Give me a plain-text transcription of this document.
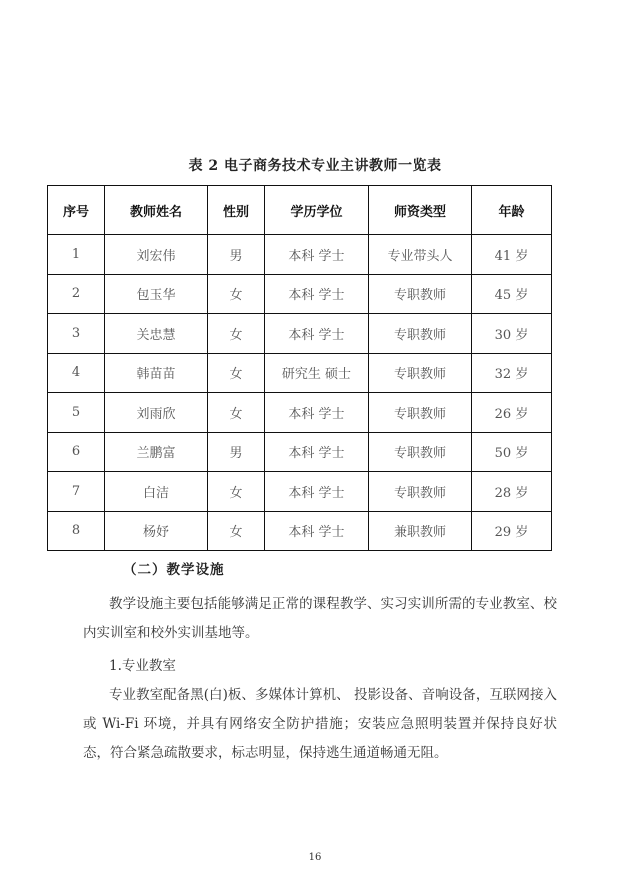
表 2 电子商务技术专业主讲教师一览表
序号	教师姓名	性别	学历学位	师资类型	年龄
1	刘宏伟	男	本科 学士	专业带头人	41 岁
2	包玉华	女	本科 学士	专职教师	45 岁
3	关忠慧	女	本科 学士	专职教师	30 岁
4	韩苗苗	女	研究生 硕士	专职教师	32 岁
5	刘雨欣	女	本科 学士	专职教师	26 岁
6	兰鹏富	男	本科 学士	专职教师	50 岁
7	白洁	女	本科 学士	专职教师	28 岁
8	杨妤	女	本科 学士	兼职教师	29 岁
（二）教学设施
教学设施主要包括能够满足正常的课程教学、实习实训所需的专业教室、校内实训室和校外实训基地等。
1.专业教室
专业教室配备黑(白)板、多媒体计算机、 投影设备、音响设备，互联网接入或 Wi-Fi 环境，并具有网络安全防护措施；安装应急照明装置并保持良好状态，符合紧急疏散要求，标志明显，保持逃生通道畅通无阻。
16
